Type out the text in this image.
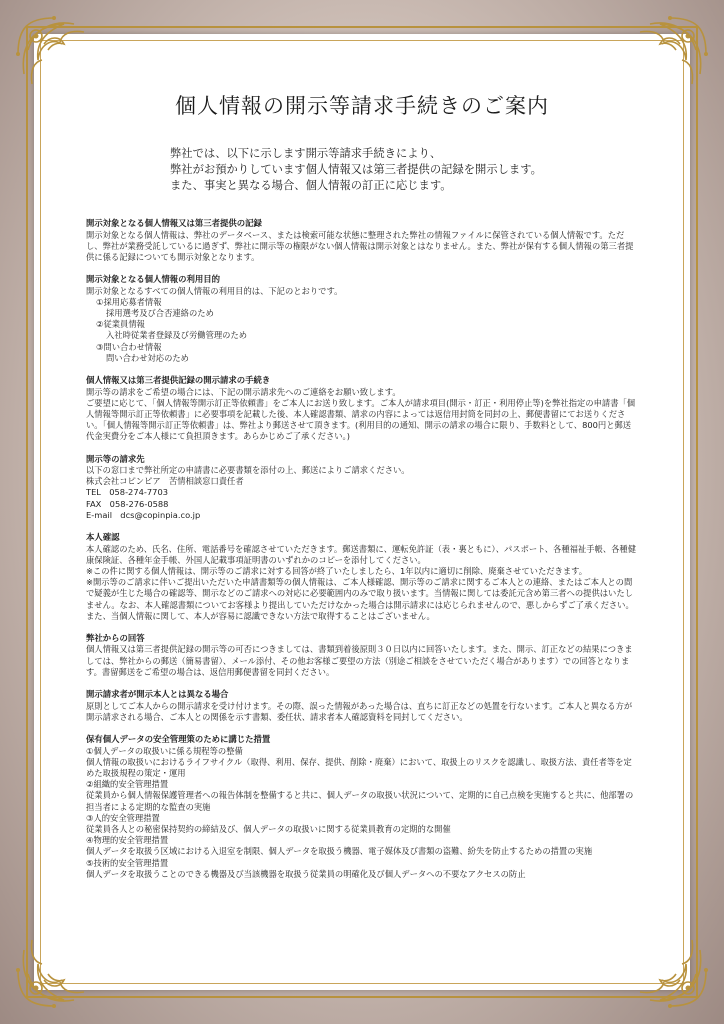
個人情報の開示等請求手続きのご案内
弊社では、以下に示します開示等請求手続きにより、
弊社がお預かりしています個人情報又は第三者提供の記録を開示します。
また、事実と異なる場合、個人情報の訂正に応じます。
開示対象となる個人情報又は第三者提供の記録

開示対象となる個人情報は、弊社のデータベース、または検索可能な状態に整理された弊社の情報ファイルに保管されている個人情報です。ただし、弊社が業務受託しているに過ぎず、弊社に開示等の権限がない個人情報は開示対象とはなりません。また、弊社が保有する個人情報の第三者提供に係る記録についても開示対象となります。

開示対象となる個人情報の利用目的

開示対象となるすべての個人情報の利用目的は、下記のとおりです。

①採用応募者情報

採用選考及び合否連絡のため

②従業員情報

入社時従業者登録及び労働管理のため

③問い合わせ情報

問い合わせ対応のため

個人情報又は第三者提供記録の開示請求の手続き

開示等の請求をご希望の場合には、下記の開示請求先へのご連絡をお願い致します。

ご要望に応じて、「個人情報等開示訂正等依頼書」をご本人にお送り致します。ご本人が請求項目(開示・訂正・利用停止等)を弊社指定の申請書「個人情報等開示訂正等依頼書」に必要事項を記載した後、本人確認書類、請求の内容によっては返信用封筒を同封の上、郵便書留にてお送りください。「個人情報等開示訂正等依頼書」は、弊社より郵送させて頂きます。(利用目的の通知、開示の請求の場合に限り、手数料として、800円と郵送代金実費分をご本人様にて負担頂きます。あらかじめご了承ください。)

開示等の請求先

以下の窓口まで弊社所定の申請書に必要書類を添付の上、郵送によりご請求ください。

株式会社コピンピア　苦情相談窓口責任者

TEL　058-274-7703

FAX　058-276-0588

E-mail　dcs@copinpia.co.jp

本人確認

本人確認のため、氏名、住所、電話番号を確認させていただきます。郵送書類に、運転免許証（表・裏ともに）、パスポート、各種福祉手帳、各種健康保険証、各種年金手帳、外国人記載事項証明書のいずれかのコピーを添付してください。

※この件に関する個人情報は、開示等のご請求に対する回答が終了いたしましたら、1年以内に適切に削除、廃棄させていただきます。

※開示等のご請求に伴いご提出いただいた申請書類等の個人情報は、ご本人様確認、開示等のご請求に関するご本人との連絡、またはご本人との間で疑義が生じた場合の確認等、開示などのご請求への対応に必要範囲内のみで取り扱います。当情報に関しては委託元含め第三者への提供はいたしません。なお、本人確認書類についてお客様より提出していただけなかった場合は開示請求には応じられませんので、悪しからずご了承ください。また、当個人情報に関して、本人が容易に認識できない方法で取得することはございません。

弊社からの回答

個人情報又は第三者提供記録の開示等の可否につきましては、書類到着後原則３０日以内に回答いたします。また、開示、訂正などの結果につきましては、弊社からの郵送（簡易書留）、メール添付、その他お客様ご要望の方法（別途ご相談をさせていただく場合があります）での回答となります。書留郵送をご希望の場合は、返信用郵便書留を同封ください。

開示請求者が開示本人とは異なる場合

原則としてご本人からの開示請求を受け付けます。その際、誤った情報があった場合は、直ちに訂正などの処置を行ないます。ご本人と異なる方が開示請求される場合、ご本人との関係を示す書類、委任状、請求者本人確認資料を同封してください。

保有個人データの安全管理策のために講じた措置

①個人データの取扱いに係る規程等の整備

個人情報の取扱いにおけるライフサイクル（取得、利用、保存、提供、削除・廃棄）において、取扱上のリスクを認識し、取扱方法、責任者等を定めた取扱規程の策定・運用

②組織的安全管理措置

従業員から個人情報保護管理者への報告体制を整備すると共に、個人データの取扱い状況について、定期的に自己点検を実施すると共に、他部署の担当者による定期的な監査の実施

③人的安全管理措置

従業員各人との秘密保持契約の締結及び、個人データの取扱いに関する従業員教育の定期的な開催

④物理的安全管理措置

個人データを取扱う区域における入退室を制限、個人データを取扱う機器、電子媒体及び書類の盗難、紛失を防止するための措置の実施

⑤技術的安全管理措置

個人データを取扱うことのできる機器及び当該機器を取扱う従業員の明確化及び個人データへの不要なアクセスの防止
